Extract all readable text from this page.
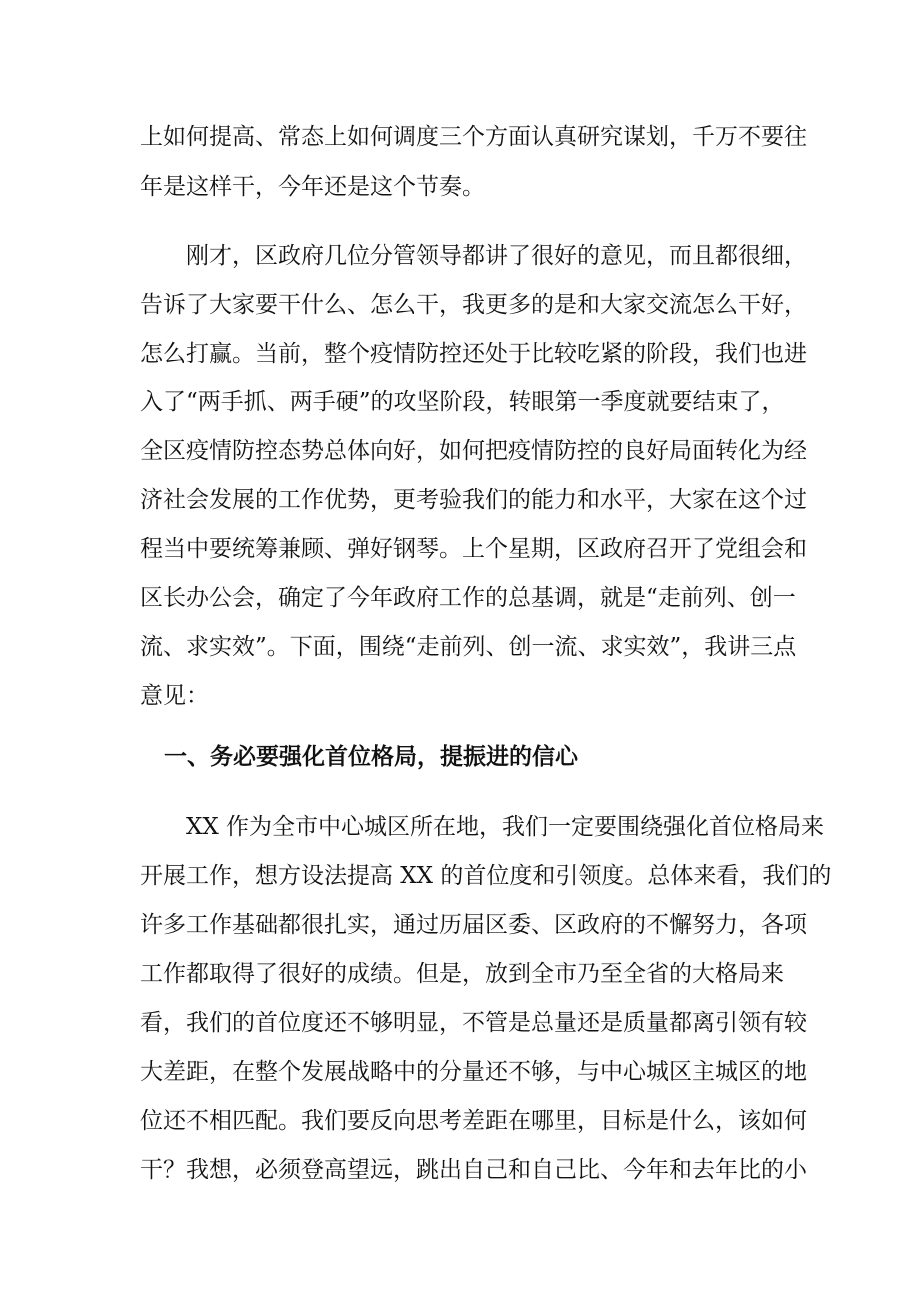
上如何提高、常态上如何调度三个方面认真研究谋划，千万不要往
年是这样干，今年还是这个节奏。
刚才，区政府几位分管领导都讲了很好的意见，而且都很细，
告诉了大家要干什么、怎么干，我更多的是和大家交流怎么干好，
怎么打赢。当前，整个疫情防控还处于比较吃紧的阶段，我们也进
入了“两手抓、两手硬”的攻坚阶段，转眼第一季度就要结束了，
全区疫情防控态势总体向好，如何把疫情防控的良好局面转化为经
济社会发展的工作优势，更考验我们的能力和水平，大家在这个过
程当中要统筹兼顾、弹好钢琴。上个星期，区政府召开了党组会和
区长办公会，确定了今年政府工作的总基调，就是“走前列、创一
流、求实效”。下面，围绕“走前列、创一流、求实效”，我讲三点
意见：
一、务必要强化首位格局，提振进的信心
XX 作为全市中心城区所在地，我们一定要围绕强化首位格局来
开展工作，想方设法提高 XX 的首位度和引领度。总体来看，我们的
许多工作基础都很扎实，通过历届区委、区政府的不懈努力，各项
工作都取得了很好的成绩。但是，放到全市乃至全省的大格局来
看，我们的首位度还不够明显，不管是总量还是质量都离引领有较
大差距，在整个发展战略中的分量还不够，与中心城区主城区的地
位还不相匹配。我们要反向思考差距在哪里，目标是什么，该如何
干？我想，必须登高望远，跳出自己和自己比、今年和去年比的小
